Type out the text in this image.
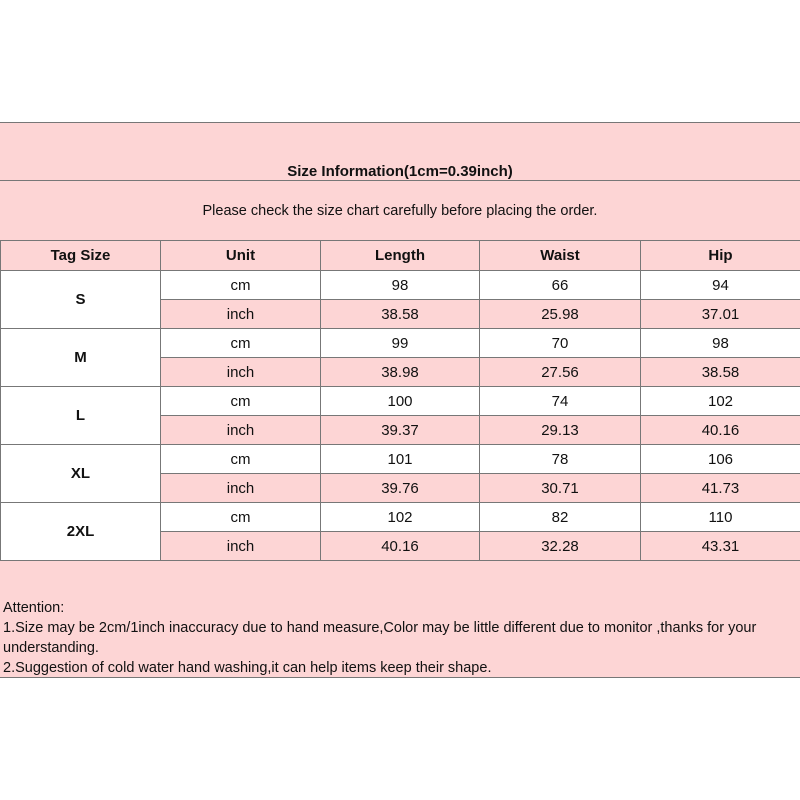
Size Information(1cm=0.39inch)
Please check the size chart carefully before placing the order.
Tag Size	Unit	Length	Waist	Hip
S	cm	98	66	94
	inch	38.58	25.98	37.01
M	cm	99	70	98
	inch	38.98	27.56	38.58
L	cm	100	74	102
	inch	39.37	29.13	40.16
XL	cm	101	78	106
	inch	39.76	30.71	41.73
2XL	cm	102	82	110
	inch	40.16	32.28	43.31
Attention:
1.Size may be 2cm/1inch inaccuracy due to hand measure,Color may be little different due to monitor ,thanks for your understanding.
2.Suggestion of cold water hand washing,it can help items keep their shape.
